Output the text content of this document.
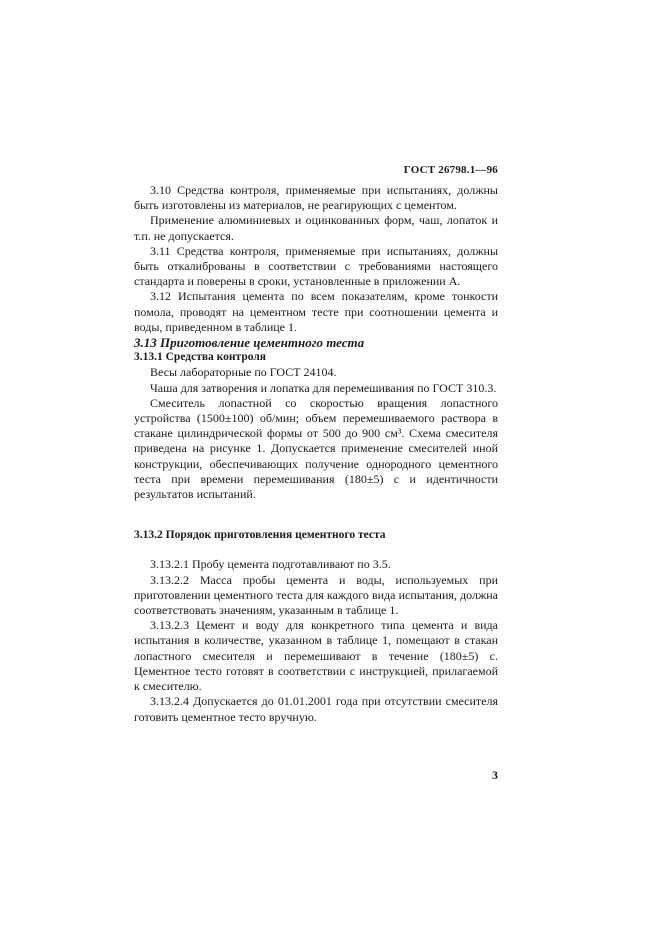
ГОСТ 26798.1—96

3.10 Средства контроля, применяемые при испытаниях, должны быть изготовлены из материалов, не реагирующих с цементом.

Применение алюминиевых и оцинкованных форм, чаш, лопаток и т.п. не допускается.

3.11 Средства контроля, применяемые при испытаниях, должны быть откалиброваны в соответствии с требованиями настоящего стандарта и поверены в сроки, установленные в приложении А.

3.12 Испытания цемента по всем показателям, кроме тонкости помола, проводят на цементном тесте при соотношении цемента и воды, приведенном в таблице 1.

3.13 Приготовление цементного теста

3.13.1 Средства контроля

Весы лабораторные по ГОСТ 24104.

Чаша для затворения и лопатка для перемешивания по ГОСТ 310.3.

Смеситель лопастной со скоростью вращения лопастного устройства (1500±100) об/мин; объем перемешиваемого раствора в стакане цилиндрической формы от 500 до 900 см³. Схема смесителя приведена на рисунке 1. Допускается применение смесителей иной конструкции, обеспечивающих получение однородного цементного теста при времени перемешивания (180±5) с и идентичности результатов испытаний.

3.13.2 Порядок приготовления цементного теста

3.13.2.1 Пробу цемента подготавливают по 3.5.

3.13.2.2 Масса пробы цемента и воды, используемых при приготовлении цементного теста для каждого вида испытания, должна соответствовать значениям, указанным в таблице 1.

3.13.2.3 Цемент и воду для конкретного типа цемента и вида испытания в количестве, указанном в таблице 1, помещают в стакан лопастного смесителя и перемешивают в течение (180±5) с. Цементное тесто готовят в соответствии с инструкцией, прилагаемой к смесителю.

3.13.2.4 Допускается до 01.01.2001 года при отсутствии смесителя готовить цементное тесто вручную.

3
